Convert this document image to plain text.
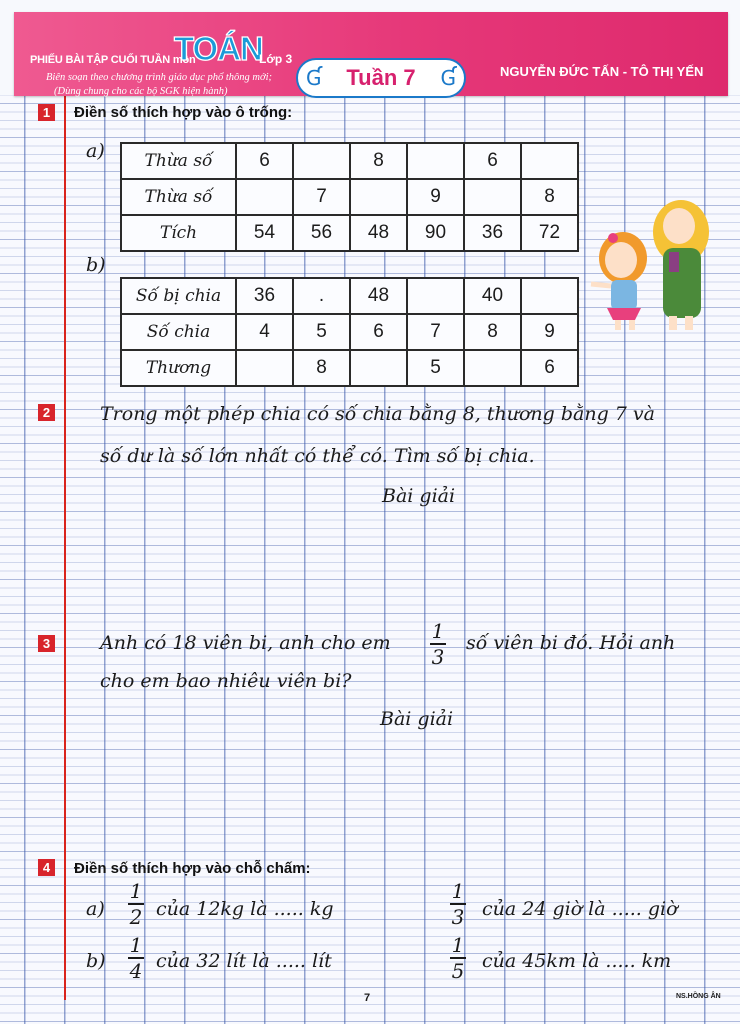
PHIẾU BÀI TẬP CUỐI TUẦN môn
TOÁN
Lớp 3
Biên soạn theo chương trình giáo dục phổ thông mới;
(Dùng chung cho các bộ SGK hiện hành)
NGUYỄN ĐỨC TẤN - TÔ THỊ YẾN
Ɠ Tuần 7 Ɠ
1	Điền số thích hợp vào ô trống:
a)
b)
Thừa số	6		8		6	
Thừa số		7		9		8
Tích	54	56	48	90	36	72
Số bị chia	36	.	48		40	
Số chia	4	5	6	7	8	9
Thương		8		5		6
2	Trong một phép chia có số chia bằng 8, thương bằng 7 và
số dư là số lớn nhất có thể có. Tìm số bị chia.
Bài giải
3	Anh có 18 viên bi, anh cho em 1
3
số viên bi đó. Hỏi anh
cho em bao nhiêu viên bi?
Bài giải
4	Điền số thích hợp vào chỗ chấm:
a)
b)
1
2 của 12kg là ..... kg
1
3 của 24 giờ là ..... giờ
1
4 của 32 lít là ..... lít
1
5 của 45km là ..... km
7	NS.HỒNG ÂN
